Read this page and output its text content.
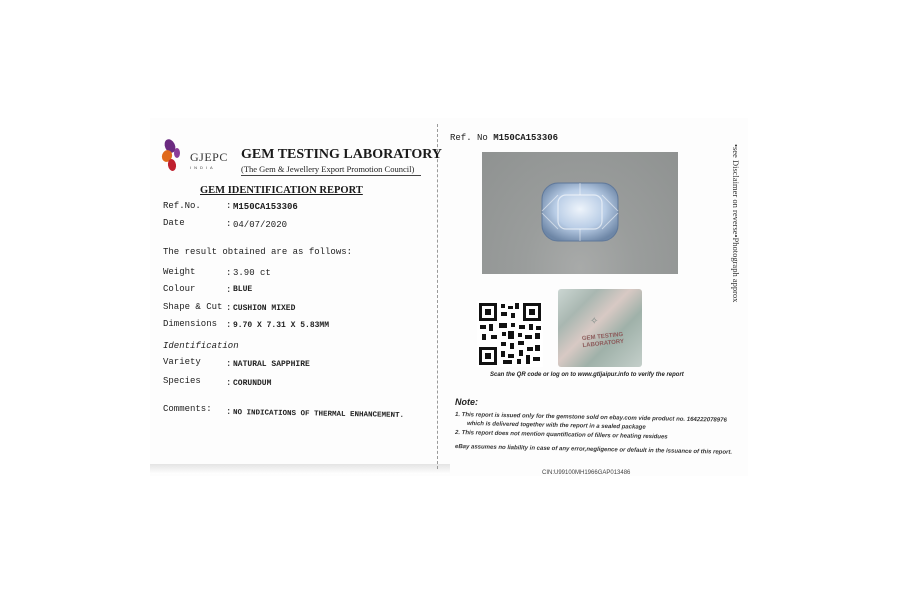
GJEPC
INDIA
GEM TESTING LABORATORY
(The Gem & Jewellery Export Promotion Council)
GEM IDENTIFICATION REPORT
Ref.No.	: M150CA153306
Date	: 04/07/2020
The result obtained are as follows:
Weight	: 3.90 ct
Colour	: BLUE
Shape & Cut : CUSHION MIXED
Dimensions : 9.70 X 7.31 X 5.83MM
Identification
Variety	: NATURAL SAPPHIRE
Species	: CORUNDUM
Comments: : NO INDICATIONS OF THERMAL ENHANCEMENT.
Ref. No M150CA153306
•see Disclaimer on reverse•Photograph approx
✧
GEM TESTING LABORATORY
Scan the QR code or log on to www.gtljaipur.info to verify the report
Note:
1. This report is issued only for the gemstone sold on ebay.com vide product no. 164222078976
which is delivered together with the report in a sealed package
2. This report does not mention quantification of fillers or heating residues
eBay assumes no liability in case of any error,negligence or default in the issuance of this report.
CIN:U99100MH1966GAP013486
